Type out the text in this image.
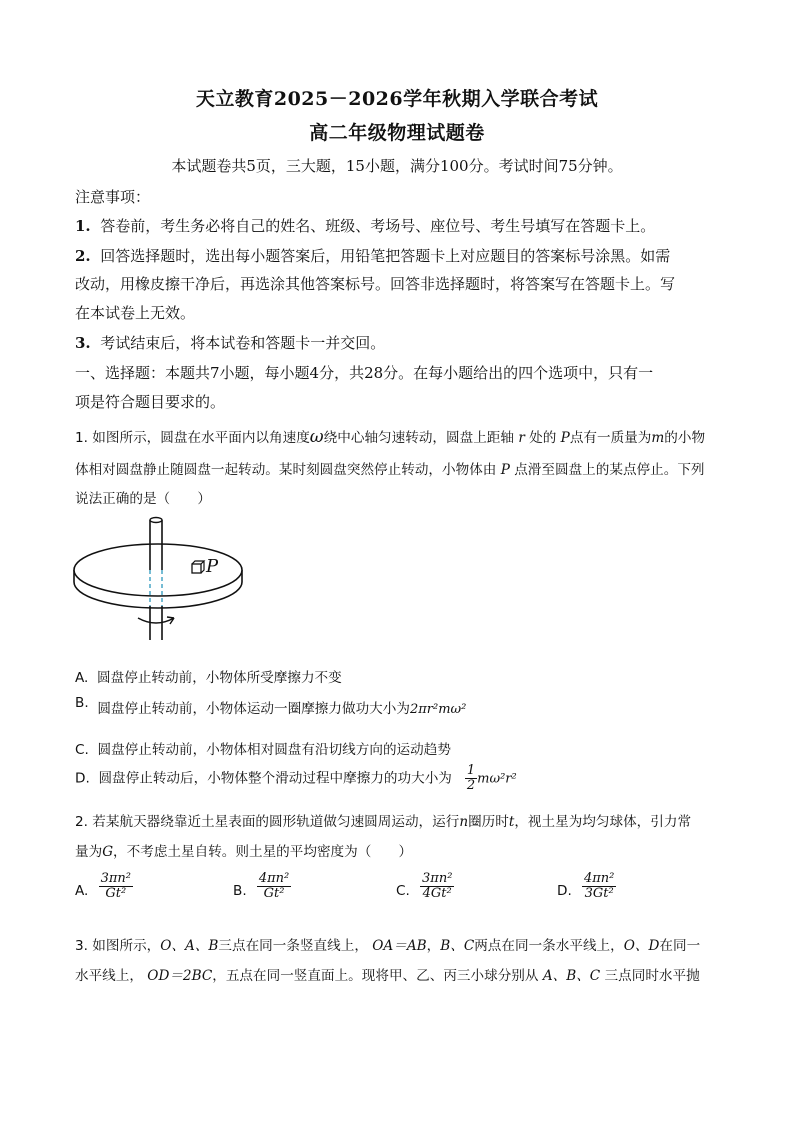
天立教育2025－2026学年秋期入学联合考试
高二年级物理试题卷
本试题卷共5页，三大题，15小题，满分100分。考试时间75分钟。
注意事项：
1. 答卷前，考生务必将自己的姓名、班级、考场号、座位号、考生号填写在答题卡上。
2. 回答选择题时，选出每小题答案后，用铅笔把答题卡上对应题目的答案标号涂黑。如需
改动，用橡皮擦干净后，再选涂其他答案标号。回答非选择题时，将答案写在答题卡上。写
在本试卷上无效。
3. 考试结束后，将本试卷和答题卡一并交回。
一、选择题：本题共7小题，每小题4分，共28分。在每小题给出的四个选项中，只有一
项是符合题目要求的。
1. 如图所示，圆盘在水平面内以角速度ω绕中心轴匀速转动，圆盘上距轴 r 处的 P点有一质量为m的小物
体相对圆盘静止随圆盘一起转动。某时刻圆盘突然停止转动，小物体由 P 点滑至圆盘上的某点停止。下列
说法正确的是（　　）
P
A. 圆盘停止转动前，小物体所受摩擦力不变
B. 圆盘停止转动前，小物体运动一圈摩擦力做功大小为2πr²mω²
C. 圆盘停止转动前，小物体相对圆盘有沿切线方向的运动趋势
D. 圆盘停止转动后，小物体整个滑动过程中摩擦力的功大小为 $\frac{1}{2} m\omega^2r^2$
2. 若某航天器绕靠近土星表面的圆形轨道做匀速圆周运动，运行n圈历时t，视土星为均匀球体，引力常
量为G，不考虑土星自转。则土星的平均密度为（　　）
$_{A.} \frac{\text{3πn²}}{\text{Gt²}}$	$_{B.} \frac{\text{4πn²}}{\text{Gt²}}$	$_{C.} \frac{\text{3πn²}}{\text{4Gt²}}$	$_{D.} \frac{\text{4πn²}}{\text{3Gt²}}$
3. 如图所示，O、A、B三点在同一条竖直线上， OA＝AB，B、C两点在同一条水平线上，O、D在同一
水平线上， OD＝2BC，五点在同一竖直面上。现将甲、乙、丙三小球分别从 A、B、C 三点同时水平抛
